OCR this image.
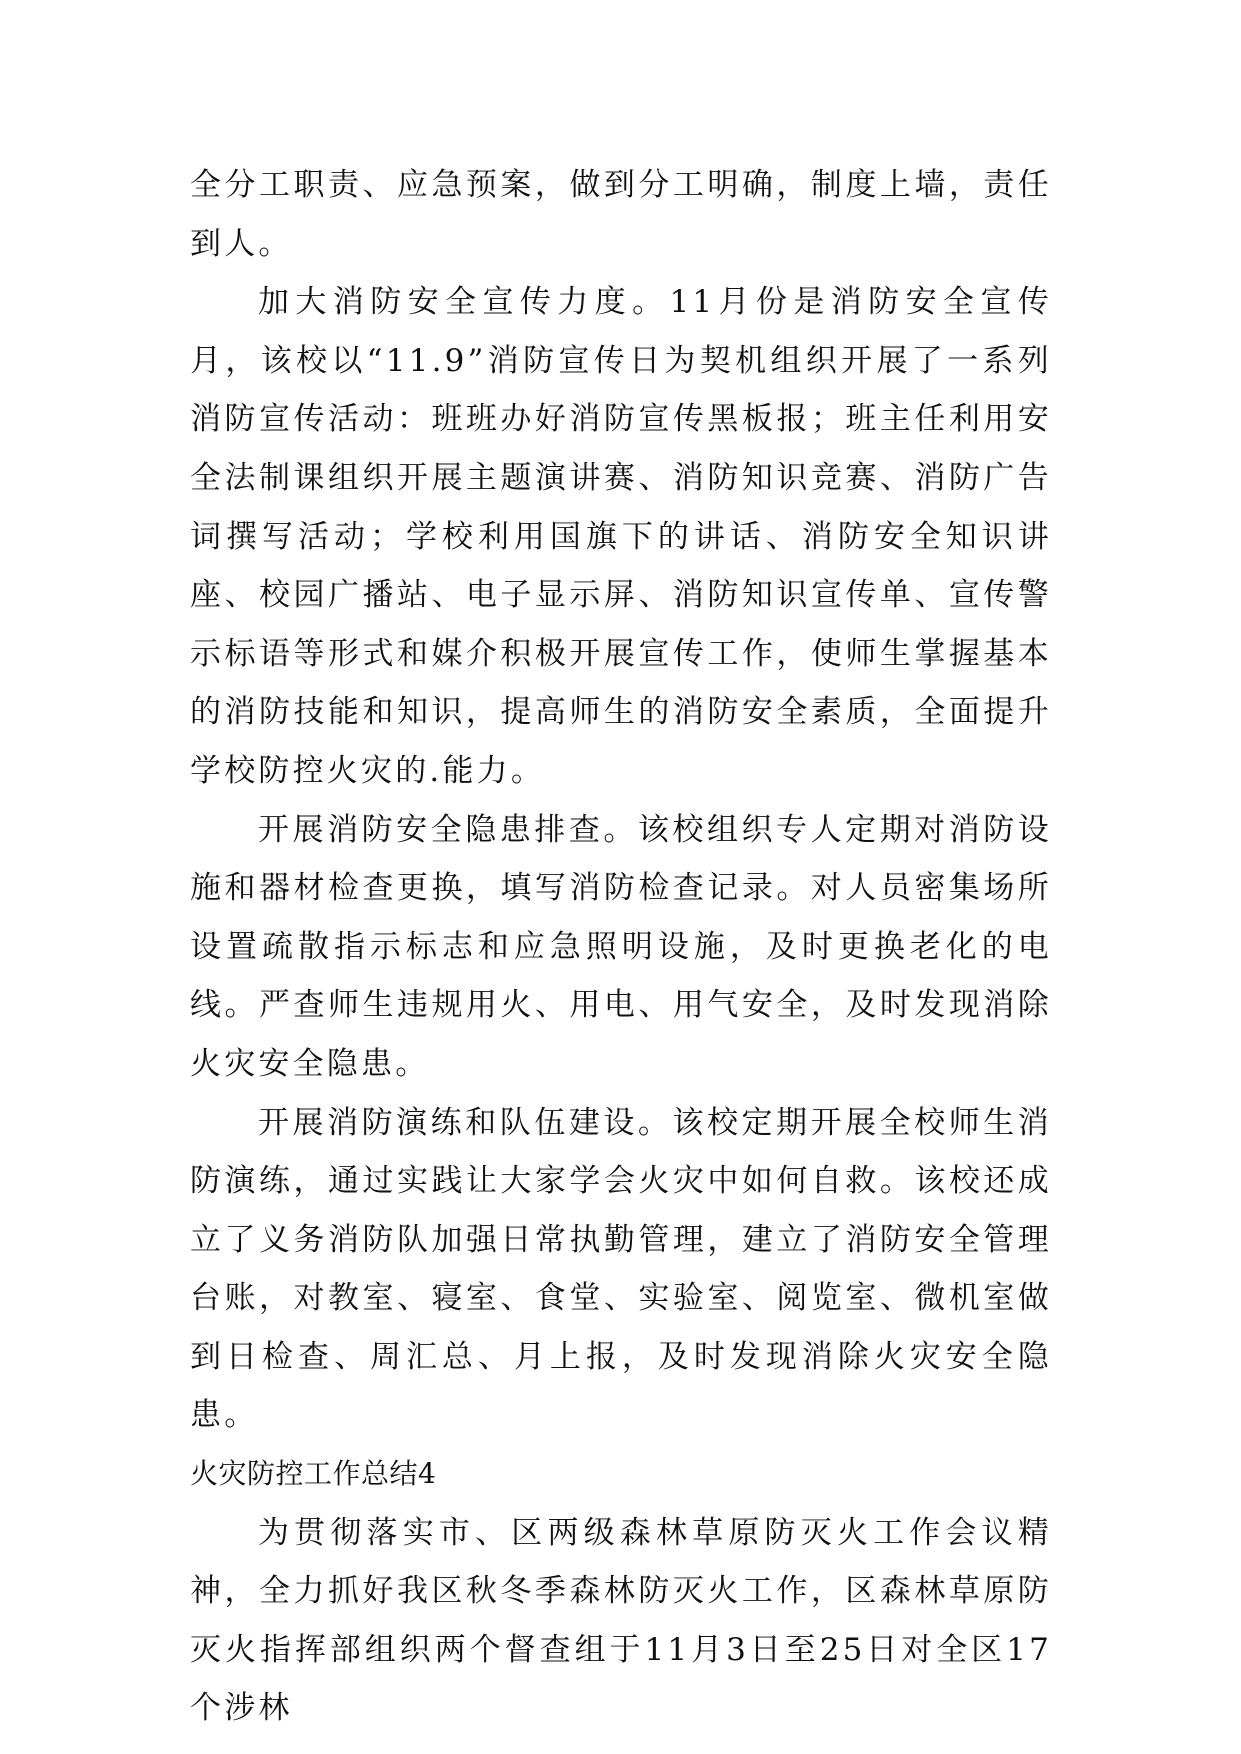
全分工职责、应急预案，做到分工明确，制度上墙，责任到人。

加大消防安全宣传力度。11月份是消防安全宣传月，该校以“11.9”消防宣传日为契机组织开展了一系列消防宣传活动：班班办好消防宣传黑板报；班主任利用安全法制课组织开展主题演讲赛、消防知识竞赛、消防广告词撰写活动；学校利用国旗下的讲话、消防安全知识讲座、校园广播站、电子显示屏、消防知识宣传单、宣传警示标语等形式和媒介积极开展宣传工作，使师生掌握基本的消防技能和知识，提高师生的消防安全素质，全面提升学校防控火灾的.能力。

开展消防安全隐患排查。该校组织专人定期对消防设施和器材检查更换，填写消防检查记录。对人员密集场所设置疏散指示标志和应急照明设施，及时更换老化的电线。严查师生违规用火、用电、用气安全，及时发现消除火灾安全隐患。

开展消防演练和队伍建设。该校定期开展全校师生消防演练，通过实践让大家学会火灾中如何自救。该校还成立了义务消防队加强日常执勤管理，建立了消防安全管理台账，对教室、寝室、食堂、实验室、阅览室、微机室做到日检查、周汇总、月上报，及时发现消除火灾安全隐患。

火灾防控工作总结4

为贯彻落实市、区两级森林草原防灭火工作会议精神，全力抓好我区秋冬季森林防灭火工作，区森林草原防灭火指挥部组织两个督查组于11月3日至25日对全区17个涉林
